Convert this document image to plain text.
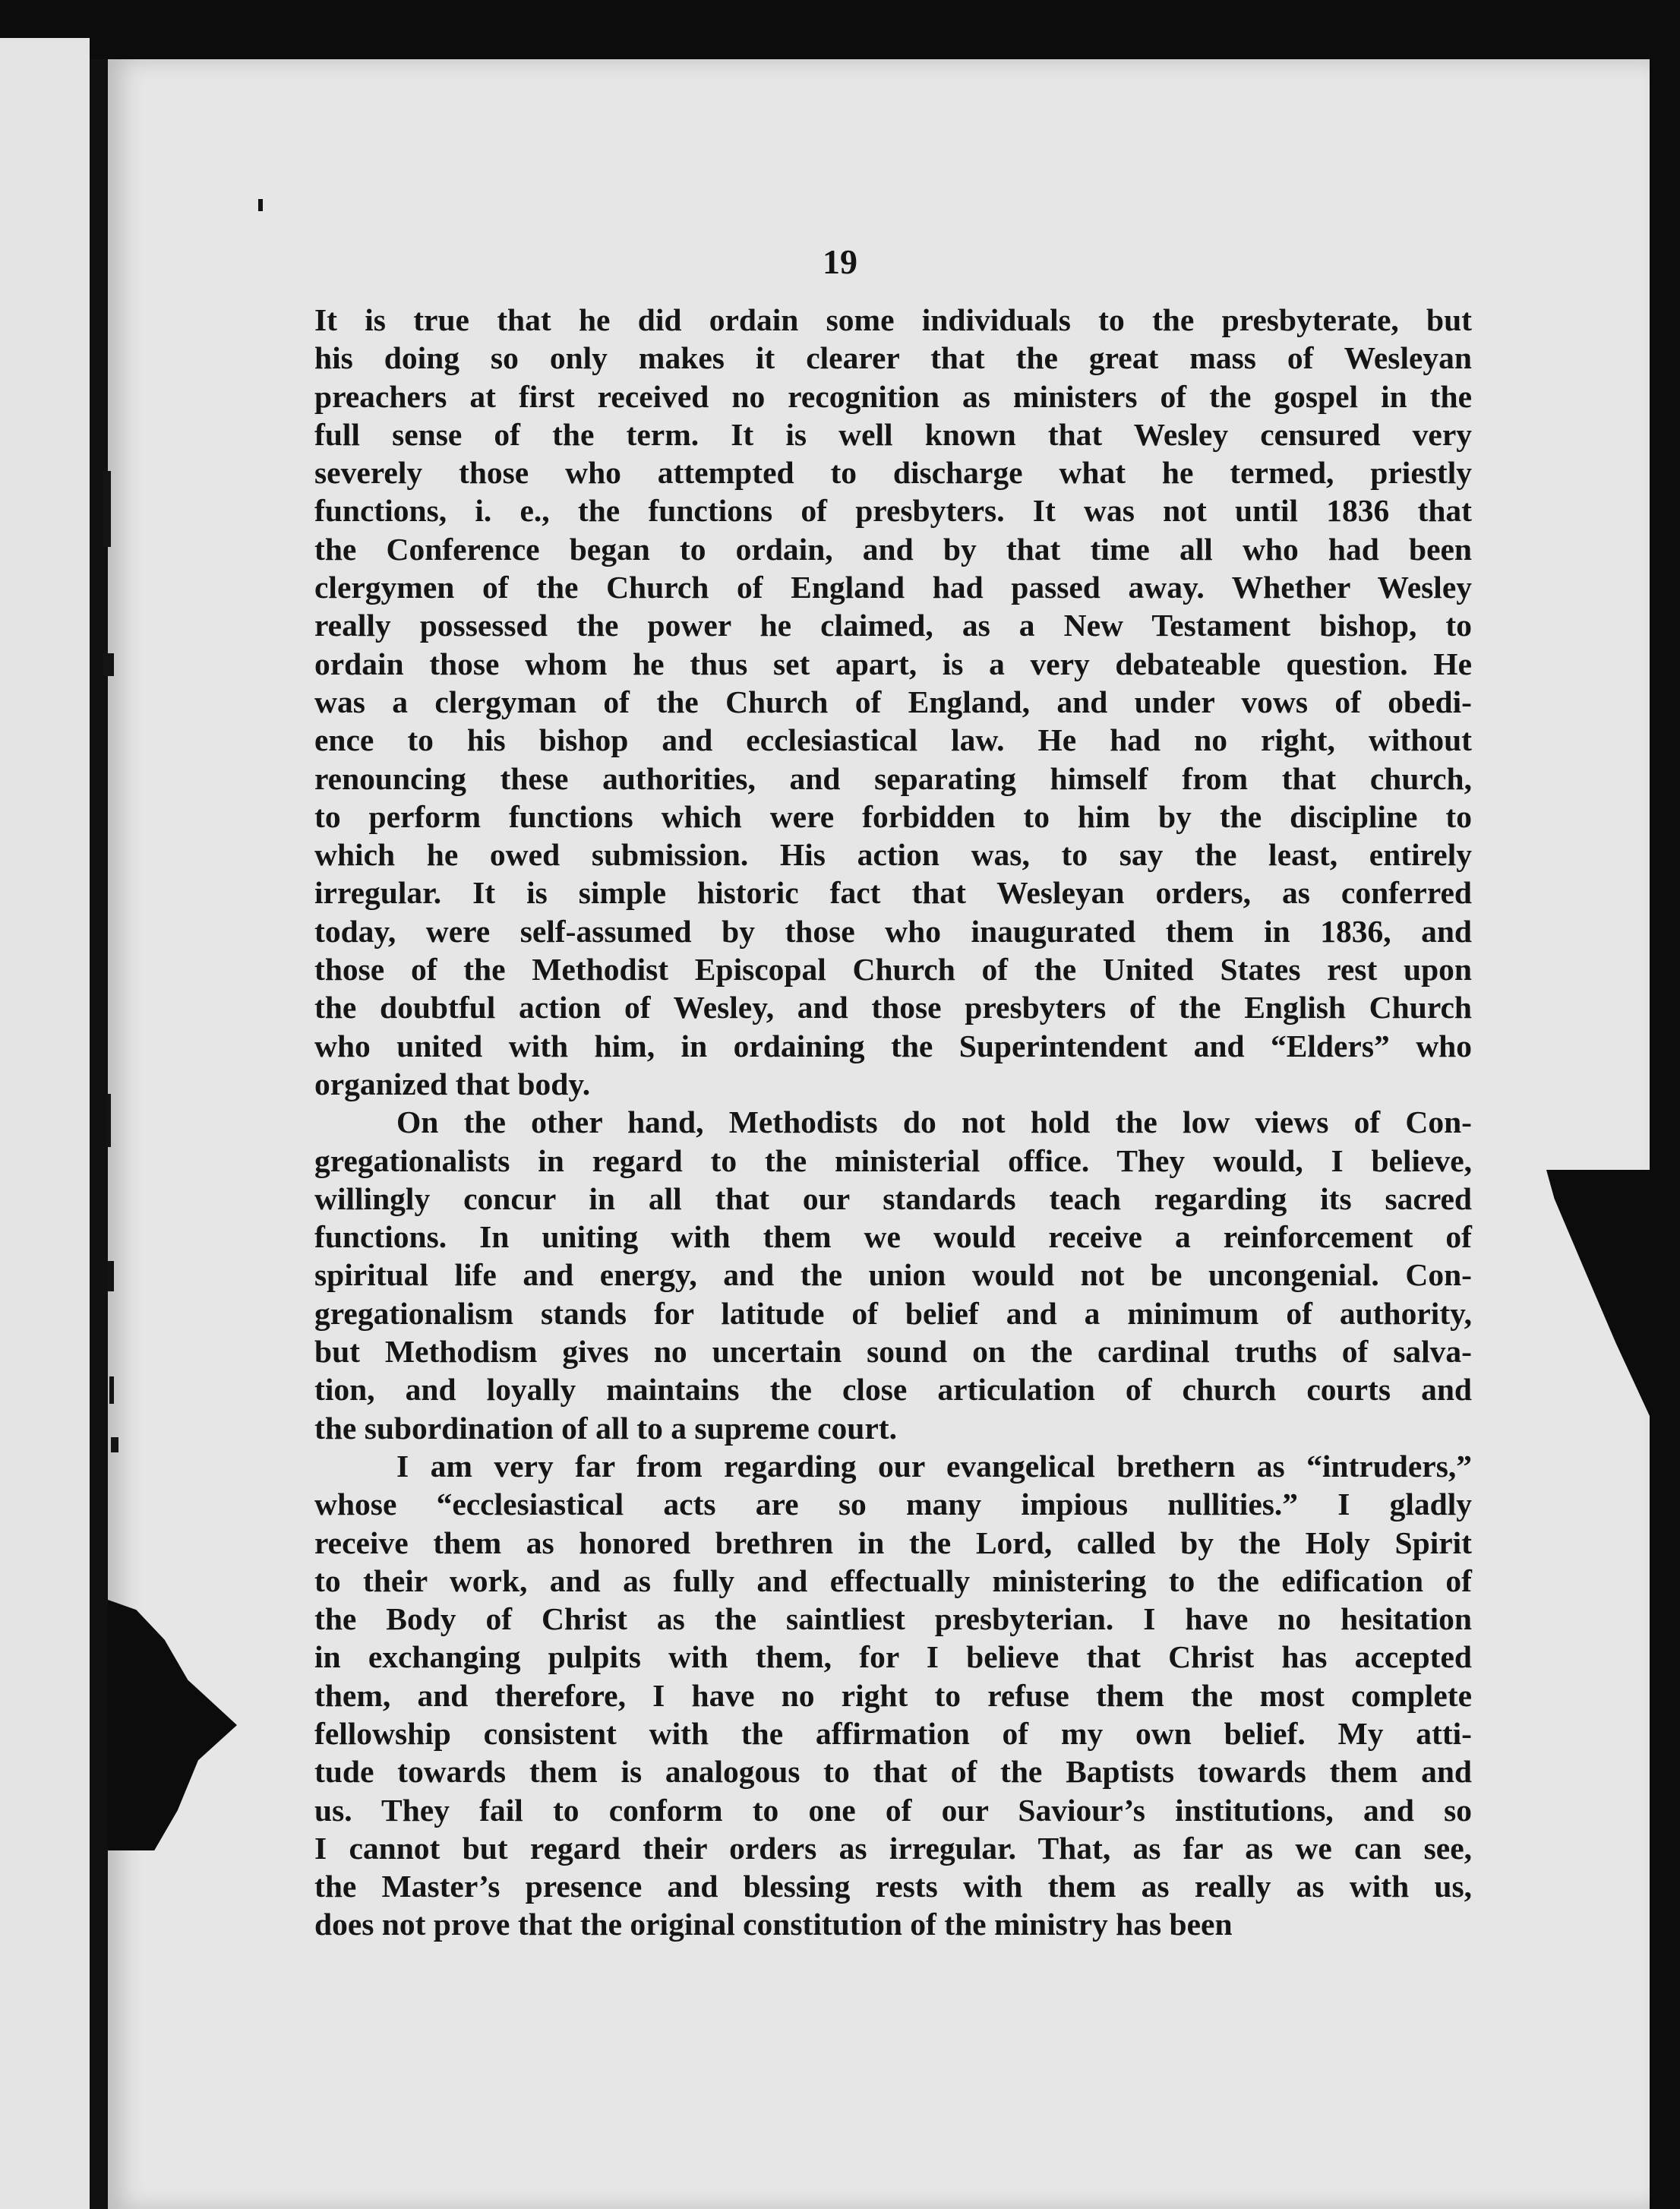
19
It is true that he did ordain some individuals to the presbyterate, but
his doing so only makes it clearer that the great mass of Wesleyan
preachers at first received no recognition as ministers of the gospel in the
full sense of the term. It is well known that Wesley censured very
severely those who attempted to discharge what he termed, priestly
functions, i. e., the functions of presbyters. It was not until 1836 that
the Conference began to ordain, and by that time all who had been
clergymen of the Church of England had passed away. Whether Wesley
really possessed the power he claimed, as a New Testament bishop, to
ordain those whom he thus set apart, is a very debateable question. He
was a clergyman of the Church of England, and under vows of obedi-
ence to his bishop and ecclesiastical law. He had no right, without
renouncing these authorities, and separating himself from that church,
to perform functions which were forbidden to him by the discipline to
which he owed submission. His action was, to say the least, entirely
irregular. It is simple historic fact that Wesleyan orders, as conferred
today, were self-assumed by those who inaugurated them in 1836, and
those of the Methodist Episcopal Church of the United States rest upon
the doubtful action of Wesley, and those presbyters of the English Church
who united with him, in ordaining the Superintendent and “Elders” who
organized that body.
On the other hand, Methodists do not hold the low views of Con-
gregationalists in regard to the ministerial office. They would, I believe,
willingly concur in all that our standards teach regarding its sacred
functions. In uniting with them we would receive a reinforcement of
spiritual life and energy, and the union would not be uncongenial. Con-
gregationalism stands for latitude of belief and a minimum of authority,
but Methodism gives no uncertain sound on the cardinal truths of salva-
tion, and loyally maintains the close articulation of church courts and
the subordination of all to a supreme court.
I am very far from regarding our evangelical brethern as “intruders,”
whose “ecclesiastical acts are so many impious nullities.” I gladly
receive them as honored brethren in the Lord, called by the Holy Spirit
to their work, and as fully and effectually ministering to the edification of
the Body of Christ as the saintliest presbyterian. I have no hesitation
in exchanging pulpits with them, for I believe that Christ has accepted
them, and therefore, I have no right to refuse them the most complete
fellowship consistent with the affirmation of my own belief. My atti-
tude towards them is analogous to that of the Baptists towards them and
us. They fail to conform to one of our Saviour’s institutions, and so
I cannot but regard their orders as irregular. That, as far as we can see,
the Master’s presence and blessing rests with them as really as with us,
does not prove that the original constitution of the ministry has been
